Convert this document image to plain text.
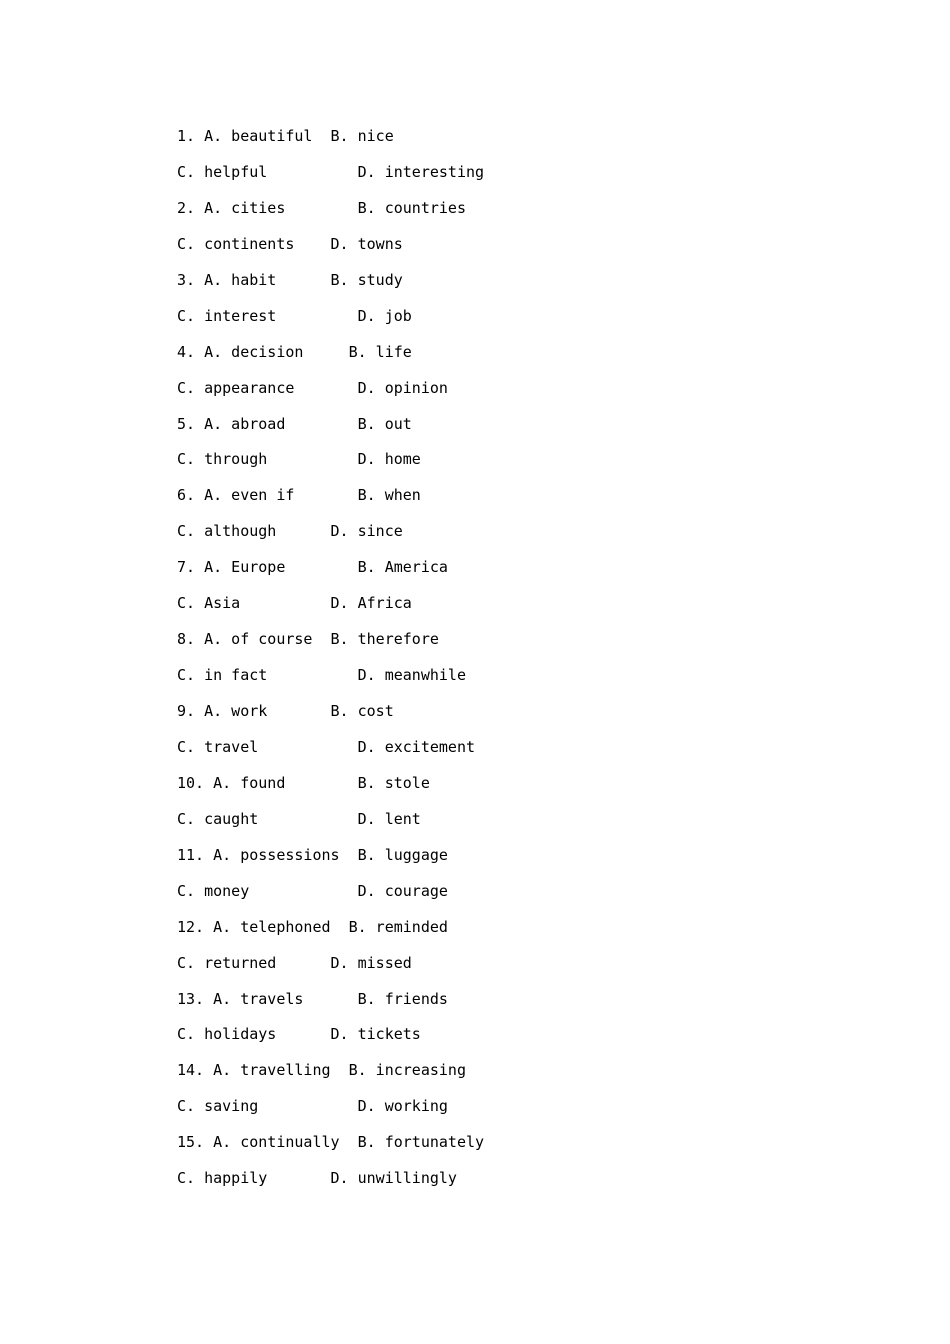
1. A. beautiful  B. nice
C. helpful          D. interesting
2. A. cities        B. countries
C. continents    D. towns
3. A. habit      B. study
C. interest         D. job
4. A. decision     B. life
C. appearance       D. opinion
5. A. abroad        B. out
C. through          D. home
6. A. even if       B. when
C. although      D. since
7. A. Europe        B. America
C. Asia          D. Africa
8. A. of course  B. therefore
C. in fact          D. meanwhile
9. A. work       B. cost
C. travel           D. excitement
10. A. found        B. stole
C. caught           D. lent
11. A. possessions  B. luggage
C. money            D. courage
12. A. telephoned  B. reminded
C. returned      D. missed
13. A. travels      B. friends
C. holidays      D. tickets
14. A. travelling  B. increasing
C. saving           D. working
15. A. continually  B. fortunately
C. happily       D. unwillingly
